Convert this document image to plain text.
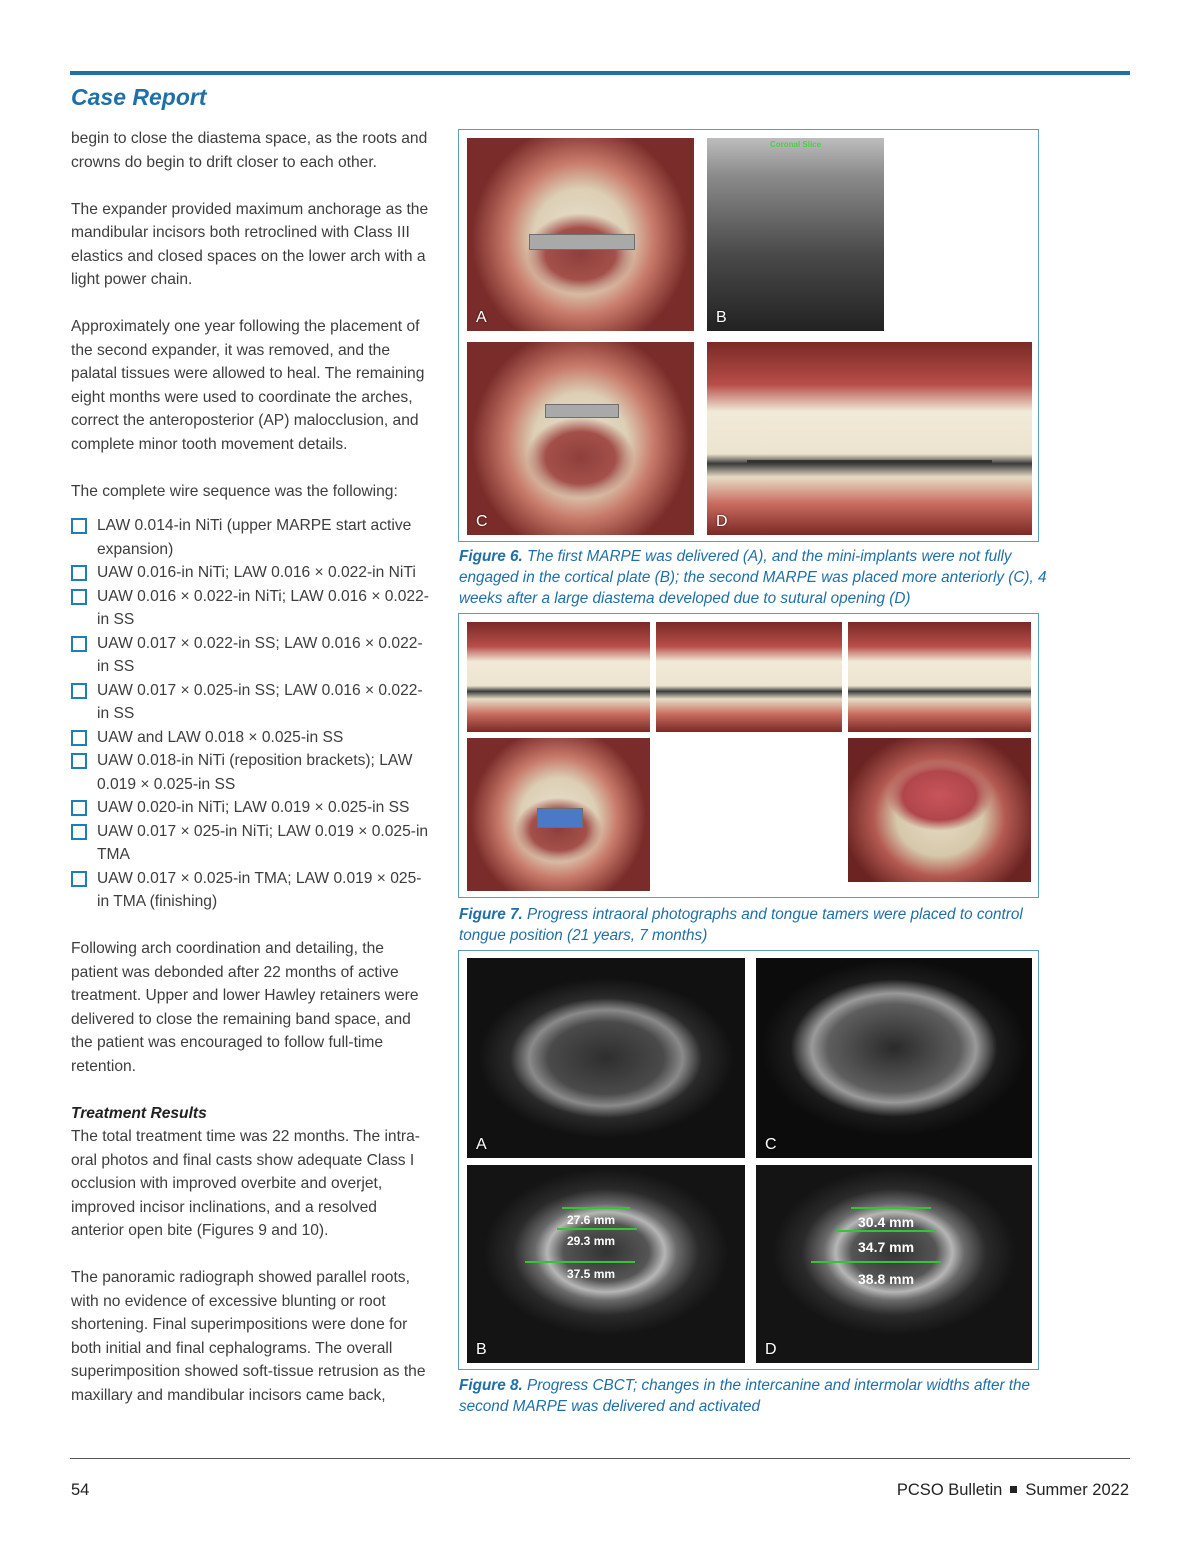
Case Report

begin to close the diastema space, as the roots and crowns do begin to drift closer to each other.

The expander provided maximum anchorage as the mandibular incisors both retroclined with Class III elastics and closed spaces on the lower arch with a light power chain.

Approximately one year following the placement of the second expander, it was removed, and the palatal tissues were allowed to heal. The remaining eight months were used to coordinate the arches, correct the anteroposterior (AP) malocclusion, and complete minor tooth movement details.

The complete wire sequence was the following:

LAW 0.014-in NiTi (upper MARPE start active expansion)
UAW 0.016-in NiTi; LAW 0.016 × 0.022-in NiTi
UAW 0.016 × 0.022-in NiTi; LAW 0.016 × 0.022-in SS
UAW 0.017 × 0.022-in SS; LAW 0.016 × 0.022-in SS
UAW 0.017 × 0.025-in SS; LAW 0.016 × 0.022-in SS
UAW and LAW 0.018 × 0.025-in SS
UAW 0.018-in NiTi (reposition brackets); LAW 0.019 × 0.025-in SS
UAW 0.020-in NiTi; LAW 0.019 × 0.025-in SS
UAW 0.017 × 025-in NiTi; LAW 0.019 × 0.025-in TMA
UAW 0.017 × 0.025-in TMA; LAW 0.019 × 025-in TMA (finishing)

Following arch coordination and detailing, the patient was debonded after 22 months of active treatment. Upper and lower Hawley retainers were delivered to close the remaining band space, and the patient was encouraged to follow full-time retention.

Treatment Results

The total treatment time was 22 months. The intra-oral photos and final casts show adequate Class I occlusion with improved overbite and overjet, improved incisor inclinations, and a resolved anterior open bite (Figures 9 and 10).

The panoramic radiograph showed parallel roots, with no evidence of excessive blunting or root shortening. Final superimpositions were done for both initial and final cephalograms. The overall superimposition showed soft-tissue retrusion as the maxillary and mandibular incisors came back,

A
Coronal Slice
B
C	D

Figure 6. The first MARPE was delivered (A), and the mini-implants were not fully engaged in the cortical plate (B); the second MARPE was placed more anteriorly (C), 4 weeks after a large diastema developed due to sutural opening (D)

Figure 7. Progress intraoral photographs and tongue tamers were placed to control tongue position (21 years, 7 months)

A	C
27.6 mm
29.3 mm
37.5 mm
B
30.4 mm
34.7 mm
38.8 mm
D

Figure 8. Progress CBCT; changes in the intercanine and intermolar widths after the second MARPE was delivered and activated

54	PCSO Bulletin Summer 2022
